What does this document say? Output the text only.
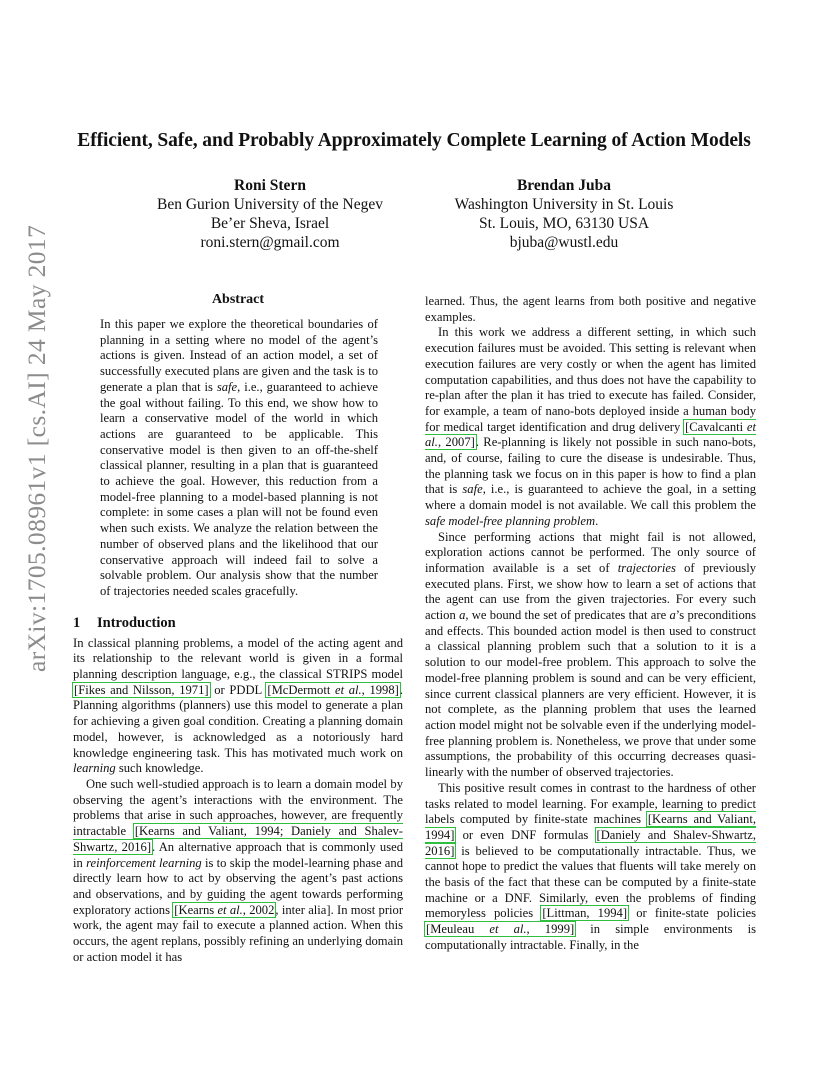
Efficient, Safe, and Probably Approximately Complete Learning of Action Models
Roni Stern
Ben Gurion University of the Negev
Be’er Sheva, Israel
roni.stern@gmail.com
Brendan Juba
Washington University in St. Louis
St. Louis, MO, 63130 USA
bjuba@wustl.edu
arXiv:1705.08961v1 [cs.AI] 24 May 2017	Abstract

In this paper we explore the theoretical boundaries of planning in a setting where no model of the agent’s actions is given. Instead of an action model, a set of successfully executed plans are given and the task is to generate a plan that is safe, i.e., guaranteed to achieve the goal without failing. To this end, we show how to learn a conservative model of the world in which actions are guaranteed to be applicable. This conservative model is then given to an off-the-shelf classical planner, resulting in a plan that is guaranteed to achieve the goal. However, this reduction from a model-free planning to a model-based planning is not complete: in some cases a plan will not be found even when such exists. We analyze the relation between the number of observed plans and the likelihood that our conservative approach will indeed fail to solve a solvable problem. Our analysis show that the number of trajectories needed scales gracefully.

1 Introduction

In classical planning problems, a model of the acting agent and its relationship to the relevant world is given in a formal planning description language, e.g., the classical STRIPS model [Fikes and Nilsson, 1971] or PDDL [McDermott et al., 1998]. Planning algorithms (planners) use this model to generate a plan for achieving a given goal condition. Creating a planning domain model, however, is acknowledged as a notoriously hard knowledge engineering task. This has motivated much work on learning such knowledge.

One such well-studied approach is to learn a domain model by observing the agent’s interactions with the environment. The problems that arise in such approaches, however, are frequently intractable [Kearns and Valiant, 1994; Daniely and Shalev-Shwartz, 2016]. An alternative approach that is commonly used in reinforcement learning is to skip the model-learning phase and directly learn how to act by observing the agent’s past actions and observations, and by guiding the agent towards performing exploratory actions [Kearns et al., 2002, inter alia]. In most prior work, the agent may fail to execute a planned action. When this occurs, the agent replans, possibly refining an underlying domain or action model it has

learned. Thus, the agent learns from both positive and negative examples.

In this work we address a different setting, in which such execution failures must be avoided. This setting is relevant when execution failures are very costly or when the agent has limited computation capabilities, and thus does not have the capability to re-plan after the plan it has tried to execute has failed. Consider, for example, a team of nano-bots deployed inside a human body for medical target identification and drug delivery [Cavalcanti et al., 2007]. Re-planning is likely not possible in such nano-bots, and, of course, failing to cure the disease is undesirable. Thus, the planning task we focus on in this paper is how to find a plan that is safe, i.e., is guaranteed to achieve the goal, in a setting where a domain model is not available. We call this problem the safe model-free planning problem.

Since performing actions that might fail is not allowed, exploration actions cannot be performed. The only source of information available is a set of trajectories of previously executed plans. First, we show how to learn a set of actions that the agent can use from the given trajectories. For every such action a, we bound the set of predicates that are a’s preconditions and effects. This bounded action model is then used to construct a classical planning problem such that a solution to it is a solution to our model-free problem. This approach to solve the model-free planning problem is sound and can be very efficient, since current classical planners are very efficient. However, it is not complete, as the planning problem that uses the learned action model might not be solvable even if the underlying model-free planning problem is. Nonetheless, we prove that under some assumptions, the probability of this occurring decreases quasi-linearly with the number of observed trajectories.

This positive result comes in contrast to the hardness of other tasks related to model learning. For example, learning to predict labels computed by finite-state machines [Kearns and Valiant, 1994] or even DNF formulas [Daniely and Shalev-Shwartz, 2016] is believed to be computationally intractable. Thus, we cannot hope to predict the values that fluents will take merely on the basis of the fact that these can be computed by a finite-state machine or a DNF. Similarly, even the problems of finding memoryless policies [Littman, 1994] or finite-state policies [Meuleau et al., 1999] in simple environments is computationally intractable. Finally, in the
